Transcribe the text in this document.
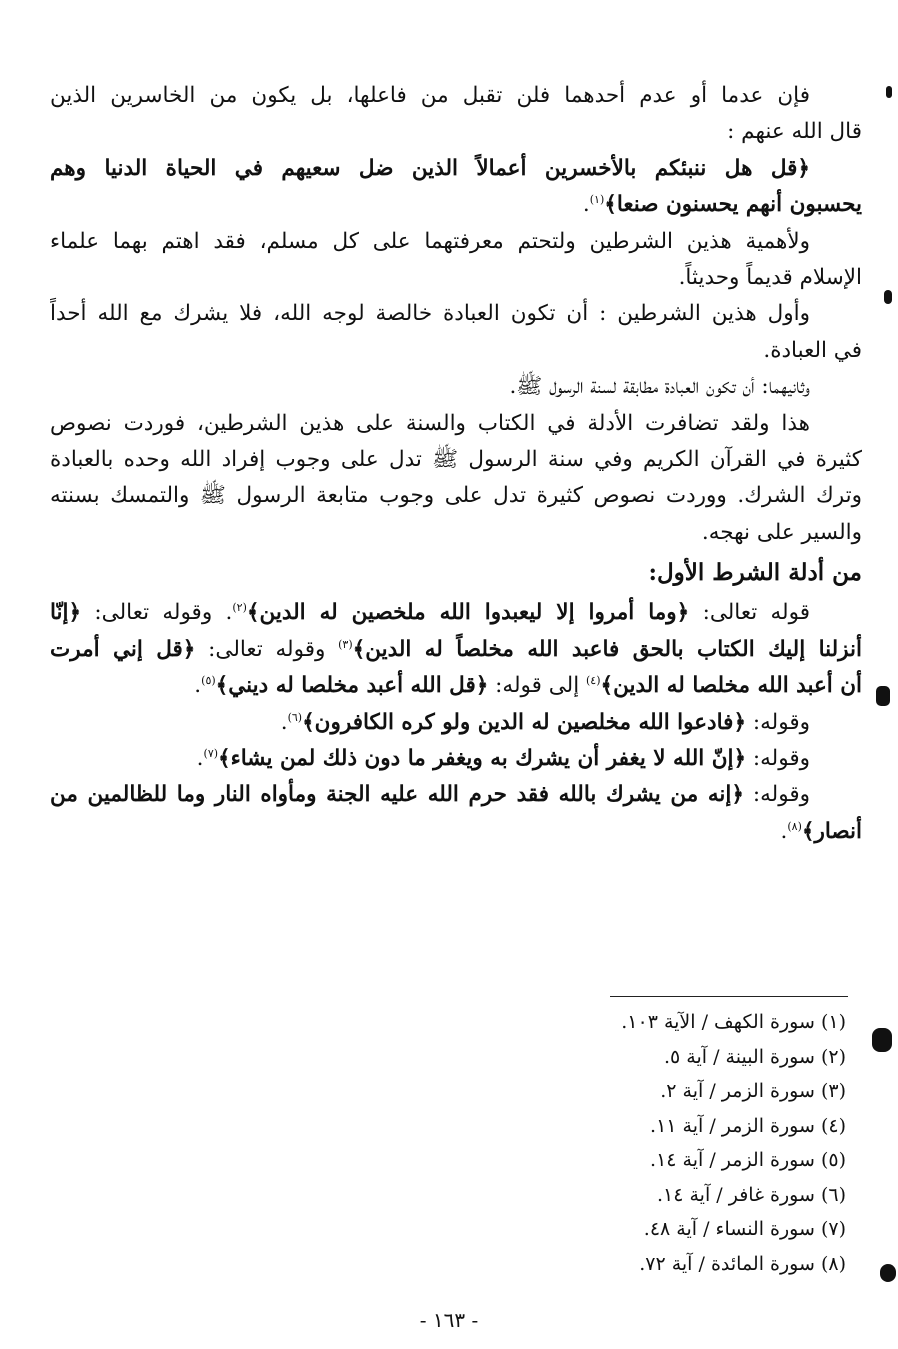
فإن عدما أو عدم أحدهما فلن تقبل من فاعلها، بل يكون من الخاسرين الذين

قال الله عنهم :

﴿قل هل ننبئكم بالأخسرين أعمالاً الذين ضل سعيهم في الحياة الدنيا وهم

يحسبون أنهم يحسنون صنعا﴾$^{(١)}$.

ولأهمية هذين الشرطين ولتحتم معرفتهما على كل مسلم، فقد اهتم بهما علماء

الإسلام قديماً وحديثاً.

وأول هذين الشرطين : أن تكون العبادة خالصة لوجه الله، فلا يشرك مع الله أحداً

في العبادة.

وثانيهما: أن تكون العبادة مطابقة لسنة الرسول ﷺ.

هذا ولقد تضافرت الأدلة في الكتاب والسنة على هذين الشرطين، فوردت نصوص

كثيرة في القرآن الكريم وفي سنة الرسول ﷺ تدل على وجوب إفراد الله وحده بالعبادة

وترك الشرك. ووردت نصوص كثيرة تدل على وجوب متابعة الرسول ﷺ والتمسك بسنته

والسير على نهجه.

من أدلة الشرط الأول:

قوله تعالى: ﴿وما أمروا إلا ليعبدوا الله ملخصين له الدين﴾$^{(٢)}$. وقوله تعالى: ﴿إنّا

أنزلنا إليك الكتاب بالحق فاعبد الله مخلصاً له الدين﴾$^{(٣)}$ وقوله تعالى: ﴿قل إني أمرت

أن أعبد الله مخلصا له الدين﴾$^{(٤)}$ إلى قوله: ﴿قل الله أعبد مخلصا له ديني﴾$^{(٥)}$.

وقوله: ﴿فادعوا الله مخلصين له الدين ولو كره الكافرون﴾$^{(٦)}$.

وقوله: ﴿إنّ الله لا يغفر أن يشرك به ويغفر ما دون ذلك لمن يشاء﴾$^{(٧)}$.

وقوله: ﴿إنه من يشرك بالله فقد حرم الله عليه الجنة ومأواه النار وما للظالمين من

أنصار﴾$^{(٨)}$.

(١) سورة الكهف / الآية ١٠٣.

(٢) سورة البينة / آية ٥.

(٣) سورة الزمر / آية ٢.

(٤) سورة الزمر / آية ١١.

(٥) سورة الزمر / آية ١٤.

(٦) سورة غافر / آية ١٤.

(٧) سورة النساء / آية ٤٨.

(٨) سورة المائدة / آية ٧٢.

- ١٦٣ -
